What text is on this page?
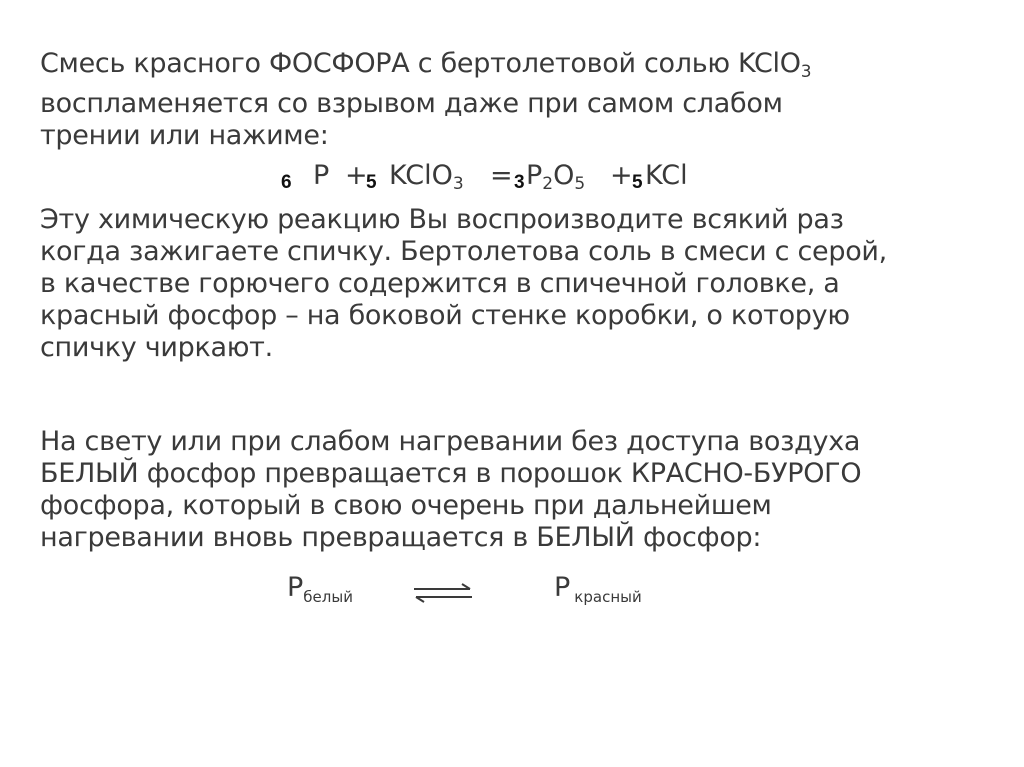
Смесь красного ФОСФОРА с бертолетовой солью KClO$_3$
воспламеняется со взрывом даже при самом слабом
трении или нажиме:
6 P +
5 KClO$_3$ = 3 $P_2O_5 + 5$ KCl
Эту химическую реакцию Вы воспроизводите всякий раз
когда зажигаете спичку. Бертолетова соль в смеси с серой,
в качестве горючего содержится в спичечной головке, а
красный фосфор – на боковой стенке коробки, о которую
спичку чиркают.
На свету или при слабом нагревании без доступа воздуха
БЕЛЫЙ фосфор превращается в порошок КРАСНО-БУРОГО
фосфора, который в свою очерень при дальнейшем
нагревании вновь превращается в БЕЛЫЙ фосфор:
$P_{белый}$	P $_{красный}$
